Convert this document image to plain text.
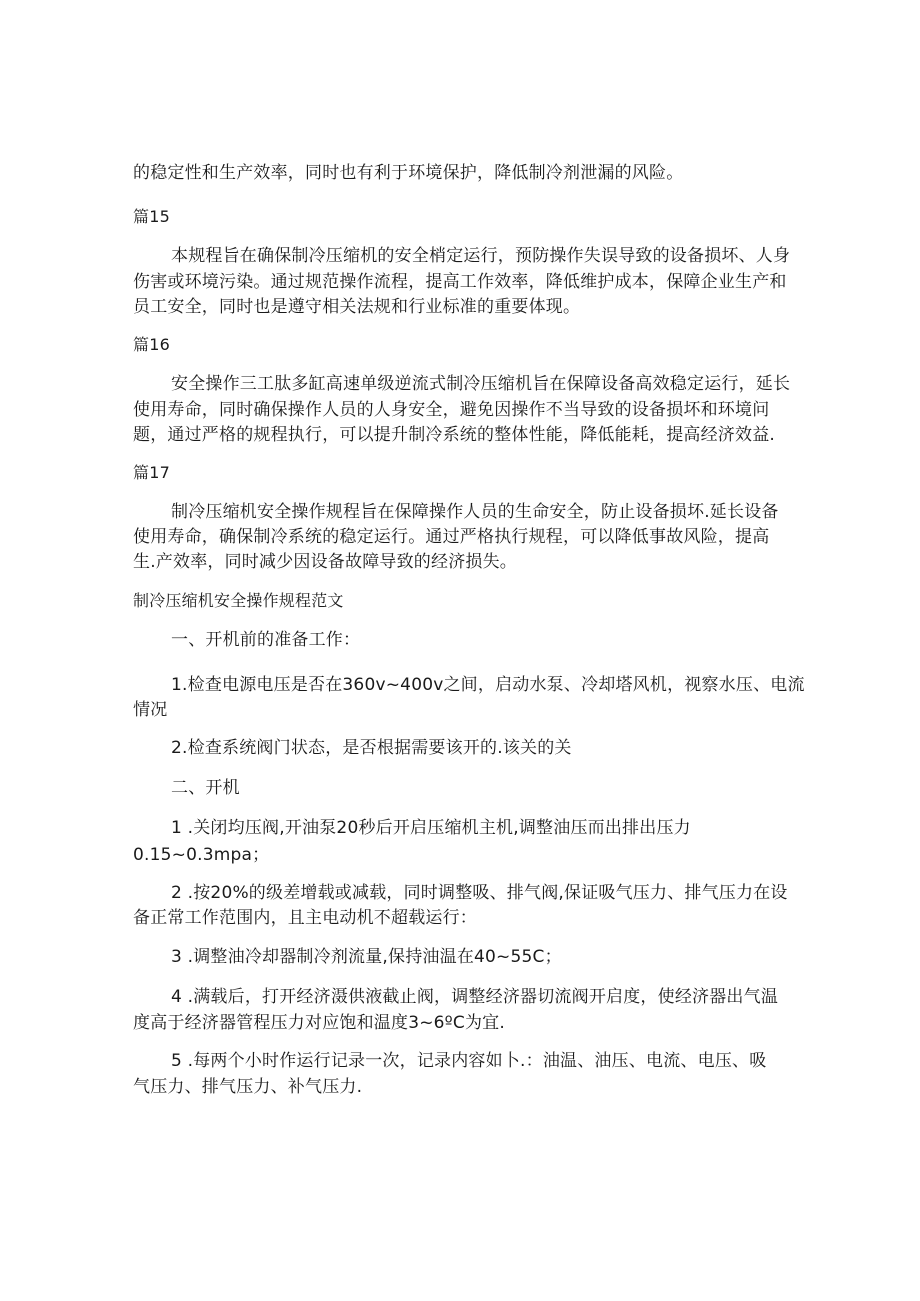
的稳定性和生产效率，同时也有利于环境保护，降低制冷剂泄漏的风险。
篇15
本规程旨在确保制冷压缩机的安全梢定运行，预防操作失误导致的设备损坏、人身
伤害或环境污染。通过规范操作流程，提高工作效率，降低维护成本，保障企业生产和
员工安全，同时也是遵守相关法规和行业标准的重要体现。
篇16
安全操作三工肽多缸高速单级逆流式制冷压缩机旨在保障设备高效稳定运行，延长
使用寿命，同时确保操作人员的人身安全，避免因操作不当导致的设备损坏和环境问
题，通过严格的规程执行，可以提升制冷系统的整体性能，降低能耗，提高经济效益.
篇17
制冷压缩机安全操作规程旨在保障操作人员的生命安全，防止设备损坏.延长设备
使用寿命，确保制冷系统的稳定运行。通过严格执行规程，可以降低事故风险，提高
生.产效率，同时减少因设备故障导致的经济损失。
制冷压缩机安全操作规程范文
一、开机前的准备工作：
1.检查电源电压是否在360v~400v之间，启动水泵、冷却塔风机，视察水压、电流
情况
2.检查系统阀门状态，是否根据需要该开的.该关的关
二、开机
1 .关闭均压阀,开油泵20秒后开启压缩机主机,调整油压而出排出压力
0.15~0.3mpa；
2 .按20%的级差增载或减载，同时调整吸、排气阀,保证吸气压力、排气压力在设
备正常工作范围内，且主电动机不超载运行：
3 .调整油冷却器制冷剂流量,保持油温在40~55C；
4 .满载后，打开经济滠供液截止阀，调整经济器切流阀开启度，使经济器出气温
度高于经济器管程压力对应饱和温度3~6ºC为宜.
5 .每两个小时作运行记录一次，记录内容如卜.：油温、油压、电流、电压、吸
气压力、排气压力、补气压力.
